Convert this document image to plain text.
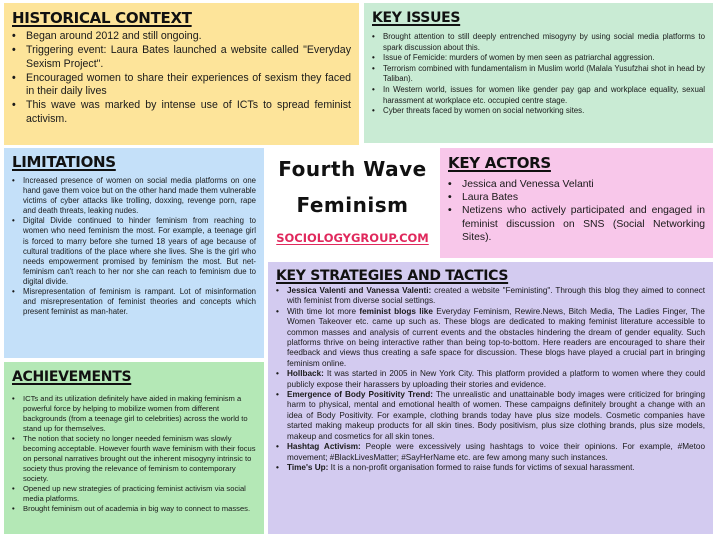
HISTORICAL CONTEXT
• Began around 2012 and still ongoing.
• Triggering event: Laura Bates launched a website called "Everyday Sexism Project".
• Encouraged women to share their experiences of sexism they faced in their daily lives
• This wave was marked by intense use of ICTs to spread feminist activism.
KEY ISSUES
• Brought attention to still deeply entrenched misogyny by using social media platforms to spark discussion about this.
• Issue of Femicide: murders of women by men seen as patriarchal aggression.
• Terrorism combined with fundamentalism in Muslim world (Malala Yusufzhai shot in head by Taliban).
• In Western world, issues for women like gender pay gap and workplace equality, sexual harassment at workplace etc. occupied centre stage.
• Cyber threats faced by women on social networking sites.
LIMITATIONS
• Increased presence of women on social media platforms on one hand gave them voice but on the other hand made them vulnerable victims of cyber attacks like trolling, doxxing, revenge porn, rape and death threats, leaking nudes.
• Digital Divide continued to hinder feminism from reaching to women who need feminism the most. For example, a teenage girl is forced to marry before she turned 18 years of age because of cultural traditions of the place where she lives. She is the girl who needs empowerment promised by feminism the most. But net-feminism can't reach to her nor she can reach to feminism due to digital divide.
• Misrepresentation of feminism is rampant. Lot of misinformation and misrepresentation of feminist theories and concepts which present feminist as man-hater.
Fourth Wave
Feminism
SOCIOLOGYGROUP.COM
KEY ACTORS
• Jessica and Venessa Velanti
• Laura Bates
• Netizens who actively participated and engaged in feminist discussion on SNS (Social Networking Sites).
KEY STRATEGIES AND TACTICS
• Jessica Valenti and Vanessa Valenti: created a website "Feministing". Through this blog they aimed to connect with feminist from diverse social settings.
• With time lot more feminist blogs like Everyday Feminism, Rewire.News, Bitch Media, The Ladies Finger, The Women Takeover etc. came up such as. These blogs are dedicated to making feminist literature accessible to common masses and analysis of current events and the obstacles hindering the dream of gender equality. Such platforms thrive on being interactive rather than being top-to-bottom. Here readers are encouraged to share their feedback and views thus creating a safe space for discussion. These blogs have played a crucial part in bringing feminism online.
• Hollback: It was started in 2005 in New York City. This platform provided a platform to women where they could publicly expose their harassers by uploading their stories and evidence.
• Emergence of Body Positivity Trend: The unrealistic and unattainable body images were criticized for bringing harm to physical, mental and emotional health of women. These campaigns definitely brought a change with an idea of Body Positivity. For example, clothing brands today have plus size models. Cosmetic companies have started making makeup products for all skin tines. Body positivism, plus size clothing brands, plus size models, makeup and cosmetics for all skin tones.
• Hashtag Activism: People were excessively using hashtags to voice their opinions. For example, #Metoo movement; #BlackLivesMatter; #SayHerName etc. are few among many such instances.
• Time's Up: It is a non-profit organisation formed to raise funds for victims of sexual harassment.
ACHIEVEMENTS
• ICTs and its utilization definitely have aided in making feminism a powerful force by helping to mobilize women from different backgrounds (from a teenage girl to celebrities) across the world to stand up for themselves.
• The notion that society no longer needed feminism was slowly becoming acceptable. However fourth wave feminism with their focus on personal narratives brought out the inherent misogyny intrinsic to society thus proving the relevance of feminism to contemporary society.
• Opened up new strategies of practicing feminist activism via social media platforms.
• Brought feminism out of academia in big way to connect to masses.
